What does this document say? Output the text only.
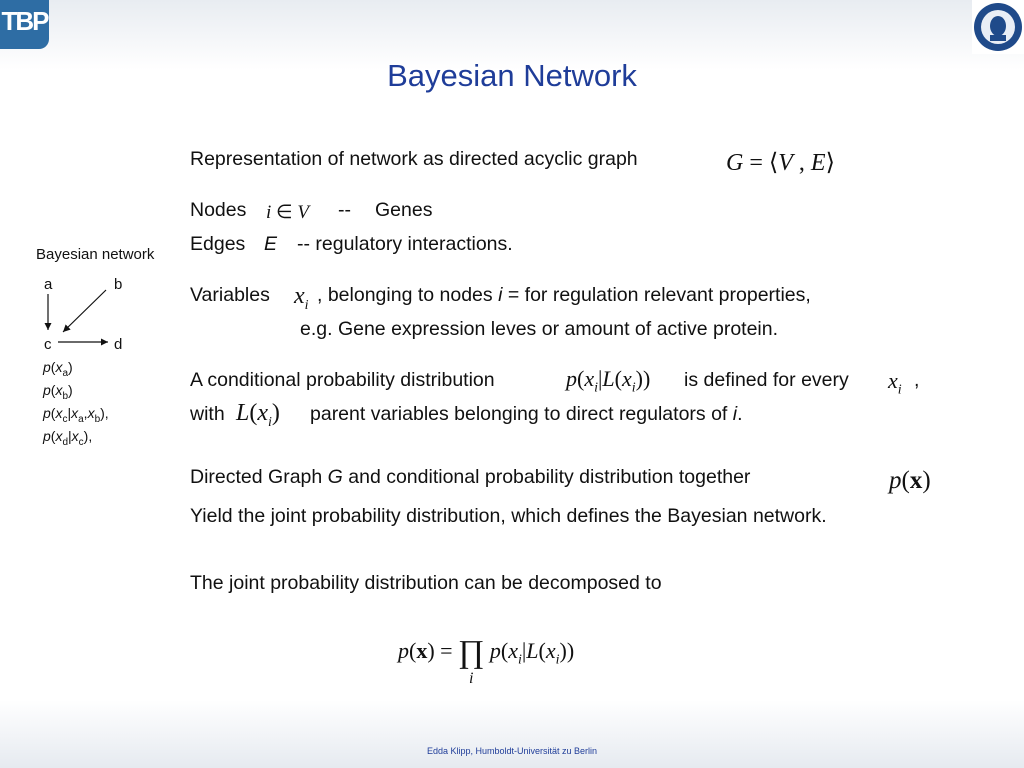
TBP
Bayesian Network
Bayesian network
a	b
c	d
$p(x_a)$
$p(x_b)$
$p(x_c|x_a,x_b)$,
$p(x_d|x_c)$,
Representation of network as directed acyclic graph	G = ⟨V , E⟩
Nodes i ∈ V -- Genes
Edges E -- regulatory interactions.
Variables $x_i$ , belonging to nodes i = for regulation relevant properties,
e.g. Gene expression leves or amount of active protein.
A conditional probability distribution	$p(x_i|L(x_i))$ is defined for every $x_i$ ,
with $L(x_i)$ parent variables belonging to direct regulators of i.
Directed Graph G and conditional probability distribution together	p(x)
Yield the joint probability distribution, which defines the Bayesian network.
The joint probability distribution can be decomposed to
p(x) = ∏ $p(x_i|L(x_i))$
i
Edda Klipp, Humboldt-Universität zu Berlin
